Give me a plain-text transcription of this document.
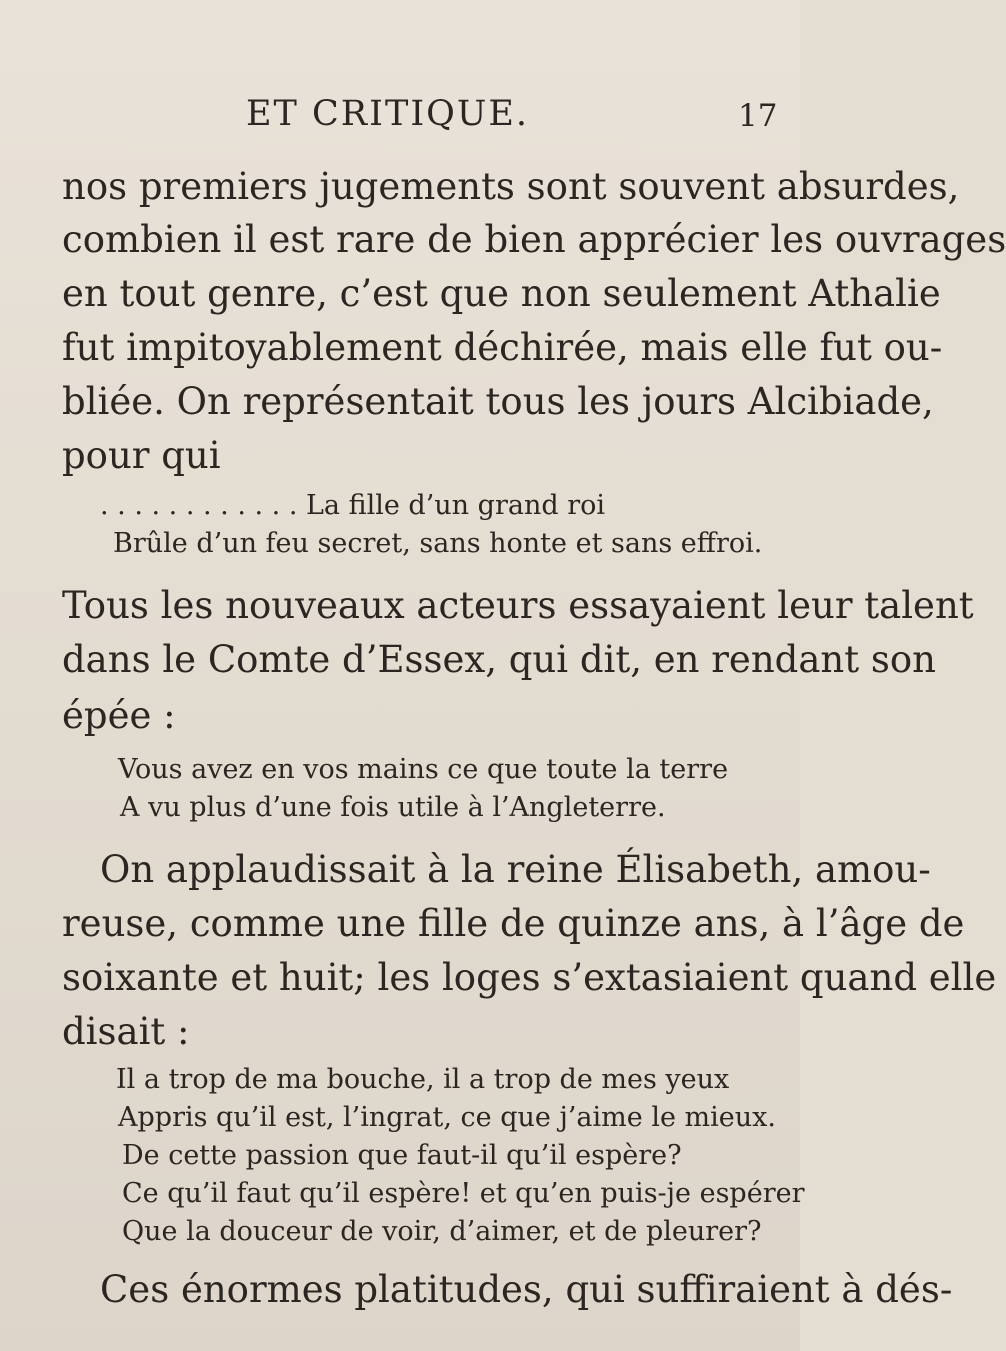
ET CRITIQUE.	17
nos premiers jugements sont souvent absurdes,
combien il est rare de bien apprécier les ouvrages
en tout genre, c’est que non seulement Athalie
fut impitoyablement déchirée, mais elle fut ou-
bliée. On représentait tous les jours Alcibiade,
pour qui
. . . . . . . . . . . . La fille d’un grand roi
Brûle d’un feu secret, sans honte et sans effroi.
Tous les nouveaux acteurs essayaient leur talent
dans le Comte d’Essex, qui dit, en rendant son
épée :
Vous avez en vos mains ce que toute la terre
A vu plus d’une fois utile à l’Angleterre.
On applaudissait à la reine Élisabeth, amou-
reuse, comme une fille de quinze ans, à l’âge de
soixante et huit; les loges s’extasiaient quand elle
disait :
Il a trop de ma bouche, il a trop de mes yeux
Appris qu’il est, l’ingrat, ce que j’aime le mieux.
De cette passion que faut-il qu’il espère?
Ce qu’il faut qu’il espère! et qu’en puis-je espérer
Que la douceur de voir, d’aimer, et de pleurer?
Ces énormes platitudes, qui suffiraient à dés-
